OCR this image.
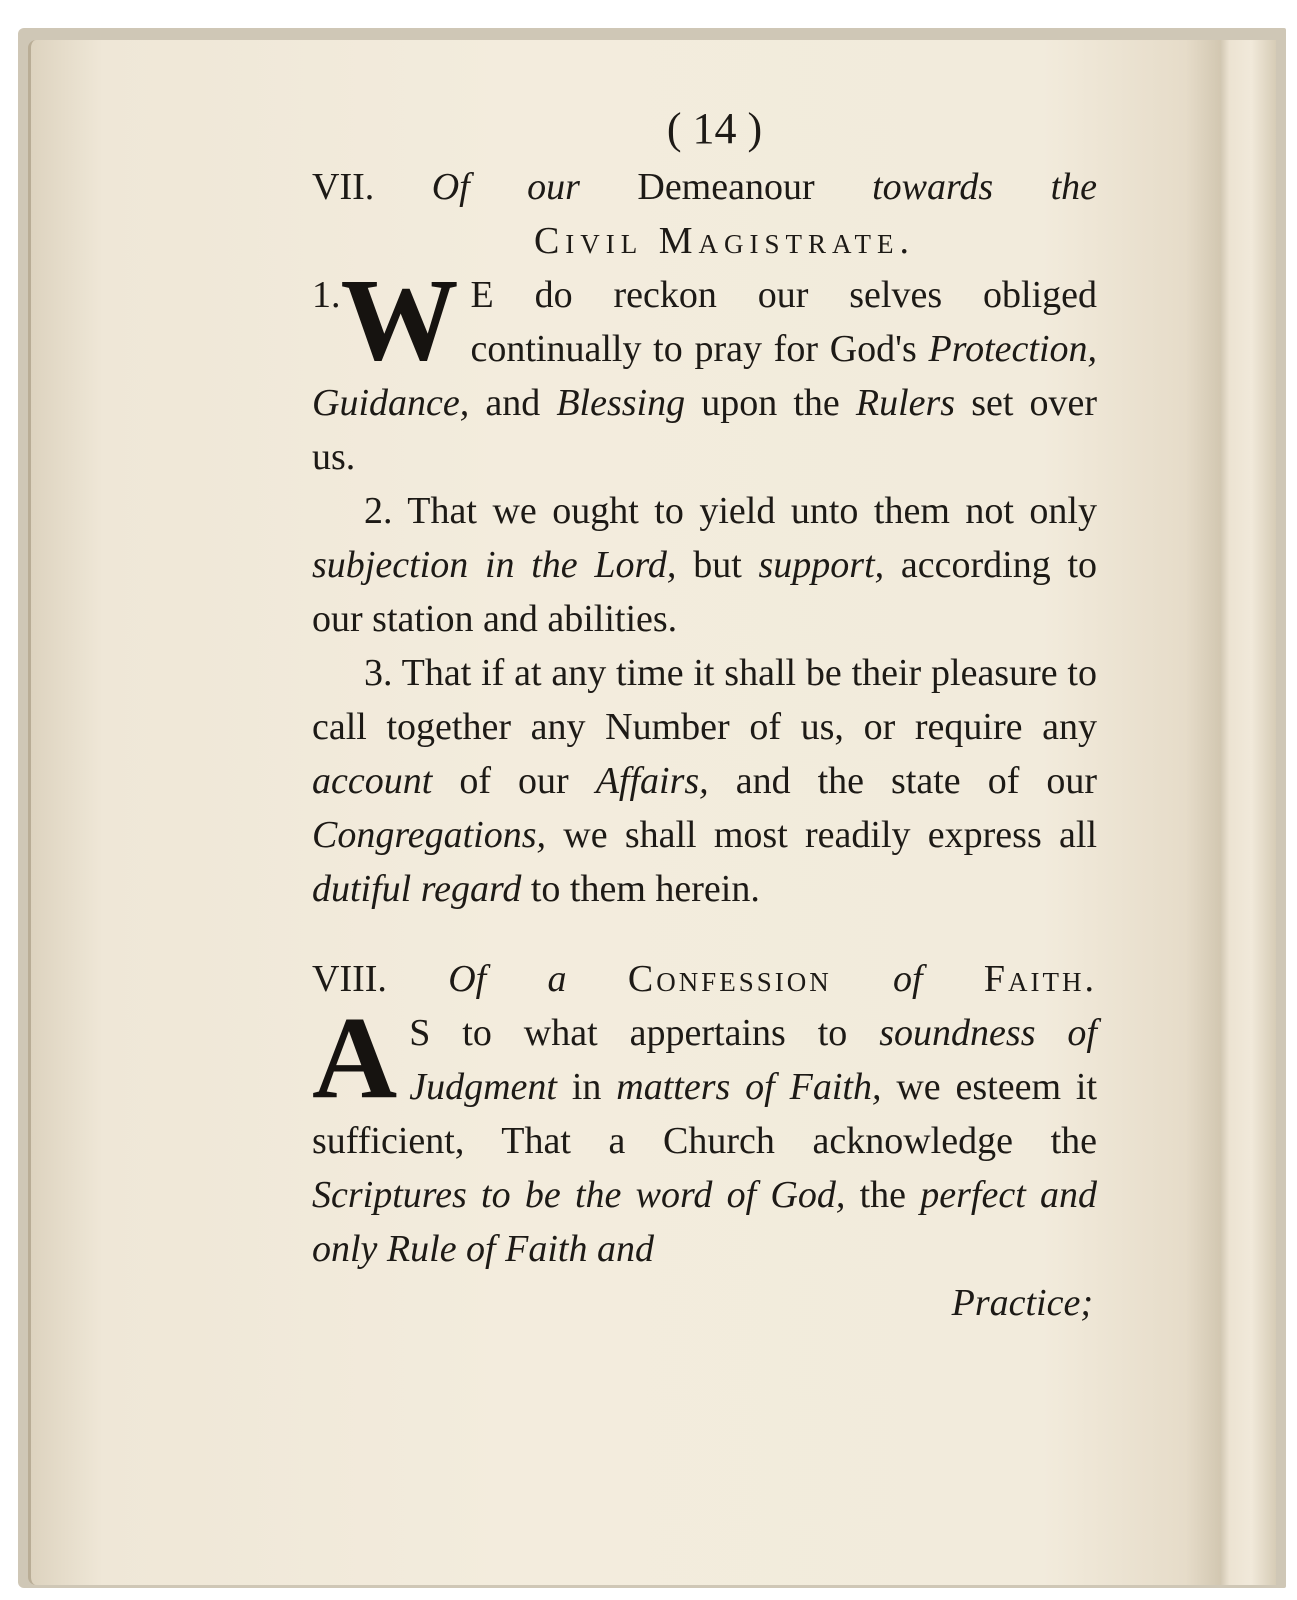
( 14 )
VII. Of our Demeanour towards the
Civil Magistrate.
1. W E do reckon our selves obliged continually to pray for God's Protection, Guidance, and Blessing upon the Rulers set over us.

2. That we ought to yield unto them not only subjection in the Lord, but support, according to our station and abilities.

3. That if at any time it shall be their pleasure to call together any Number of us, or require any account of our Affairs, and the state of our Congregations, we shall most readily express all dutiful regard to them herein.

VIII. Of a Confession of Faith.
A S to what appertains to soundness of Judgment in matters of Faith, we esteem it sufficient, That a Church acknowledge the Scriptures to be the word of God, the perfect and only Rule of Faith and

Practice;
